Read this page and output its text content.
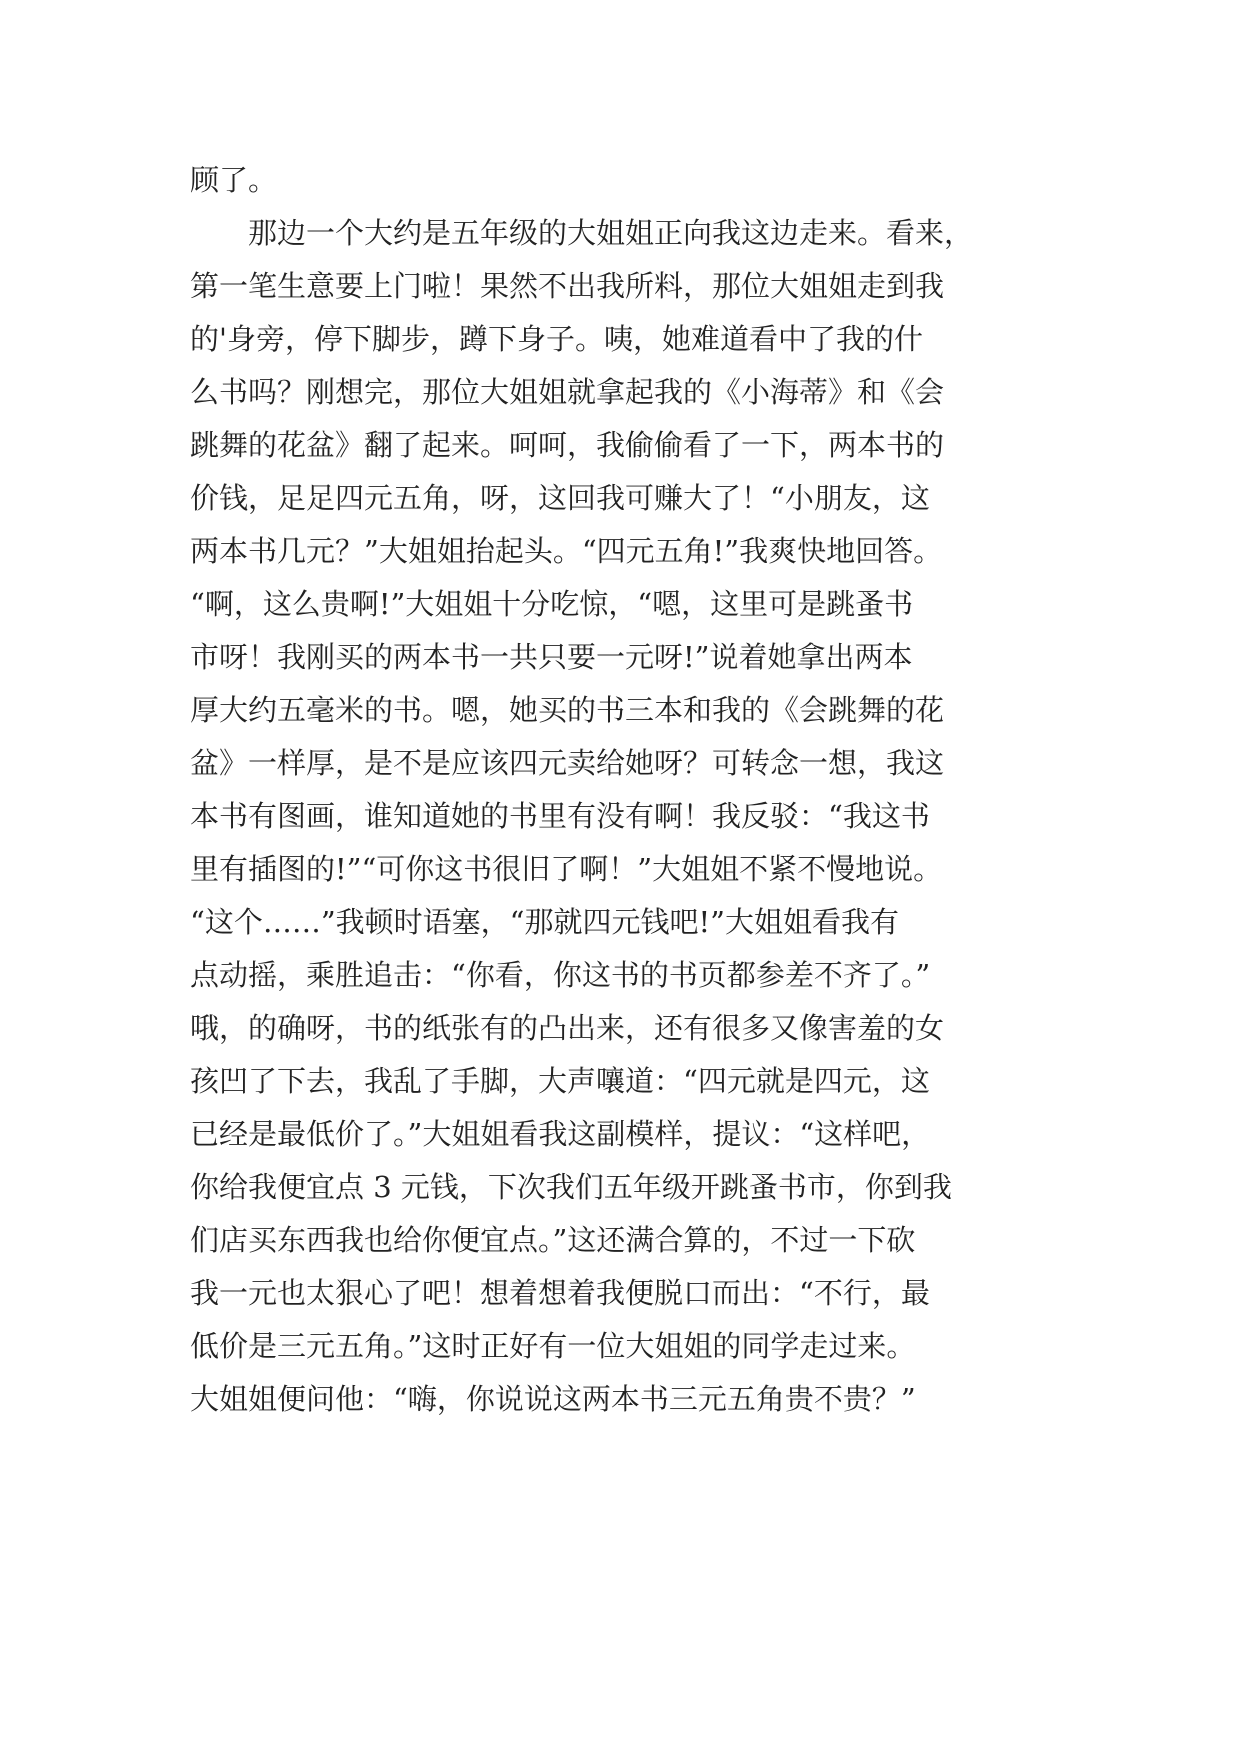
顾了。
　　那边一个大约是五年级的大姐姐正向我这边走来。看来，
第一笔生意要上门啦！果然不出我所料，那位大姐姐走到我
的'身旁，停下脚步，蹲下身子。咦，她难道看中了我的什
么书吗？刚想完，那位大姐姐就拿起我的《小海蒂》和《会
跳舞的花盆》翻了起来。呵呵，我偷偷看了一下，两本书的
价钱，足足四元五角，呀，这回我可赚大了！“小朋友，这
两本书几元？”大姐姐抬起头。“四元五角!”我爽快地回答。
“啊，这么贵啊!”大姐姐十分吃惊，“嗯，这里可是跳蚤书
市呀！我刚买的两本书一共只要一元呀!”说着她拿出两本
厚大约五毫米的书。嗯，她买的书三本和我的《会跳舞的花
盆》一样厚，是不是应该四元卖给她呀？可转念一想，我这
本书有图画，谁知道她的书里有没有啊！我反驳：“我这书
里有插图的!”“可你这书很旧了啊！”大姐姐不紧不慢地说。
“这个……”我顿时语塞，“那就四元钱吧!”大姐姐看我有
点动摇，乘胜追击：“你看，你这书的书页都参差不齐了。”
哦，的确呀，书的纸张有的凸出来，还有很多又像害羞的女
孩凹了下去，我乱了手脚，大声嚷道：“四元就是四元，这
已经是最低价了。”大姐姐看我这副模样，提议：“这样吧，
你给我便宜点 3 元钱，下次我们五年级开跳蚤书市，你到我
们店买东西我也给你便宜点。”这还满合算的，不过一下砍
我一元也太狠心了吧！想着想着我便脱口而出：“不行，最
低价是三元五角。”这时正好有一位大姐姐的同学走过来。
大姐姐便问他：“嗨，你说说这两本书三元五角贵不贵？”
